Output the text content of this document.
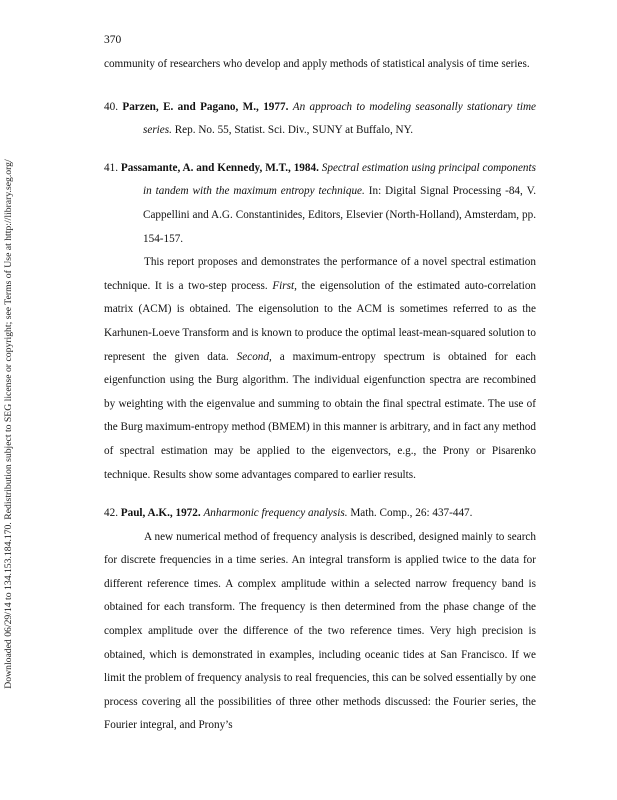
Downloaded 06/29/14 to 134.153.184.170. Redistribution subject to SEG license or copyright; see Terms of Use at http://library.seg.org/
370

community of researchers who develop and apply methods of statistical analysis of time series.

40. Parzen, E. and Pagano, M., 1977. An approach to modeling seasonally stationary time series. Rep. No. 55, Statist. Sci. Div., SUNY at Buffalo, NY.

41. Passamante, A. and Kennedy, M.T., 1984. Spectral estimation using principal components in tandem with the maximum entropy technique. In: Digital Signal Processing -84, V. Cappellini and A.G. Constantinides, Editors, Elsevier (North-Holland), Amsterdam, pp. 154-157.

This report proposes and demonstrates the performance of a novel spectral estimation technique. It is a two-step process. First, the eigensolution of the estimated auto-correlation matrix (ACM) is obtained. The eigensolution to the ACM is sometimes referred to as the Karhunen-Loeve Transform and is known to produce the optimal least-mean-squared solution to represent the given data. Second, a maximum-entropy spectrum is obtained for each eigenfunction using the Burg algorithm. The individual eigenfunction spectra are recombined by weighting with the eigenvalue and summing to obtain the final spectral estimate. The use of the Burg maximum-entropy method (BMEM) in this manner is arbitrary, and in fact any method of spectral estimation may be applied to the eigenvectors, e.g., the Prony or Pisarenko technique. Results show some advantages compared to earlier results.

42. Paul, A.K., 1972. Anharmonic frequency analysis. Math. Comp., 26: 437-447.

A new numerical method of frequency analysis is described, designed mainly to search for discrete frequencies in a time series. An integral transform is applied twice to the data for different reference times. A complex amplitude within a selected narrow frequency band is obtained for each transform. The frequency is then determined from the phase change of the complex amplitude over the difference of the two reference times. Very high precision is obtained, which is demonstrated in examples, including oceanic tides at San Francisco. If we limit the problem of frequency analysis to real frequencies, this can be solved essentially by one process covering all the possibilities of three other methods discussed: the Fourier series, the Fourier integral, and Prony’s
